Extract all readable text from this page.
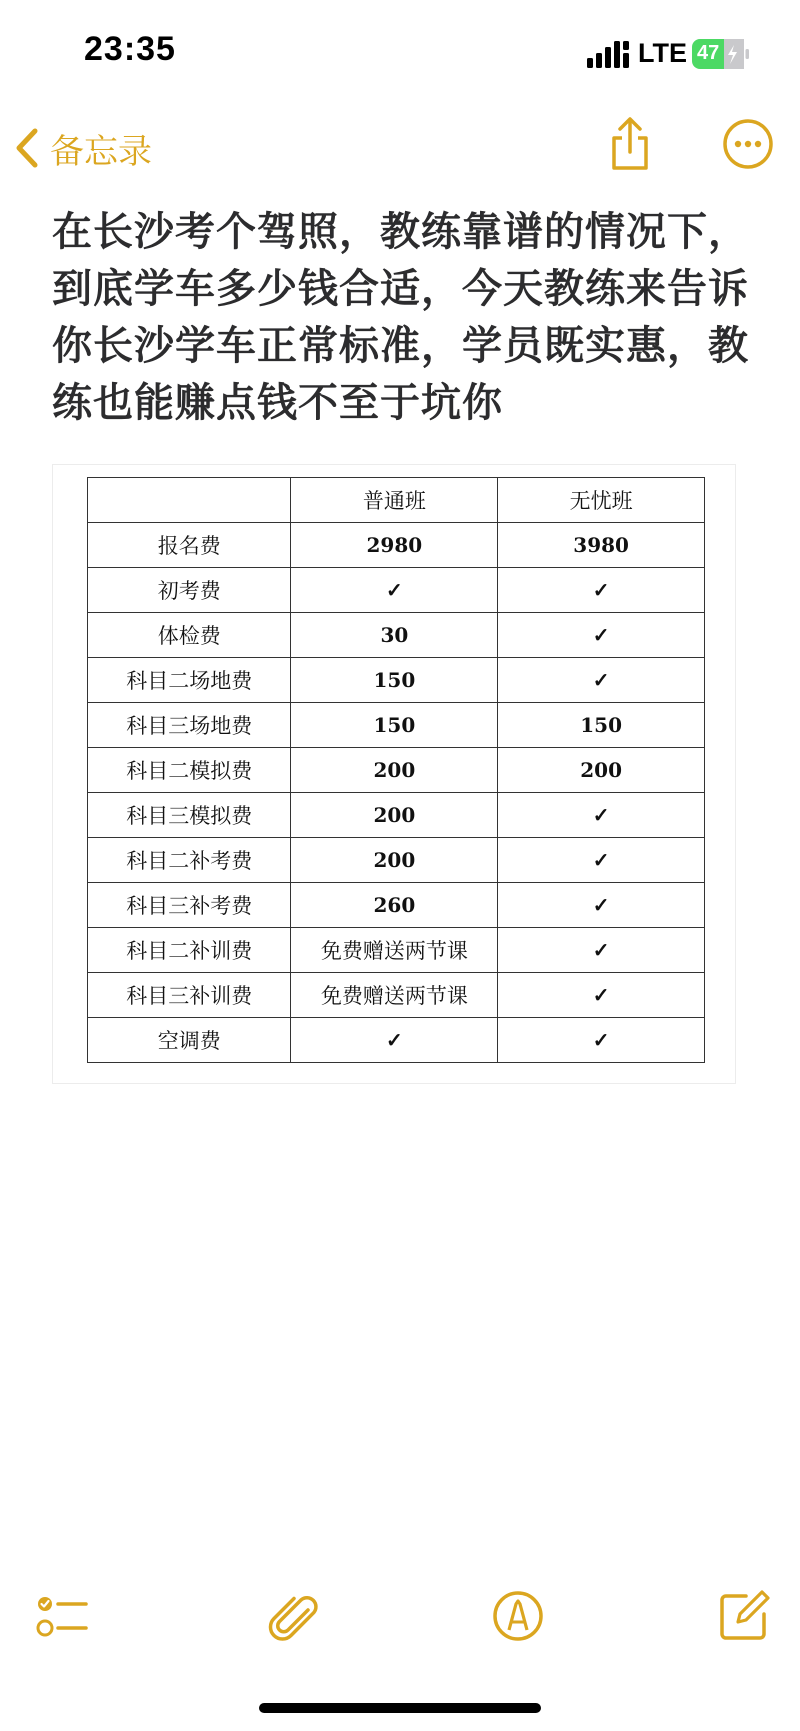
23:35	LTE 47
备忘录
在长沙考个驾照，教练靠谱的情况下，到底学车多少钱合适，今天教练来告诉你长沙学车正常标准，学员既实惠，教练也能赚点钱不至于坑你
	普通班	无忧班
报名费	2980	3980
初考费	✓	✓
体检费	30	✓
科目二场地费	150	✓
科目三场地费	150	150
科目二模拟费	200	200
科目三模拟费	200	✓
科目二补考费	200	✓
科目三补考费	260	✓
科目二补训费	免费赠送两节课	✓
科目三补训费	免费赠送两节课	✓
空调费	✓	✓
